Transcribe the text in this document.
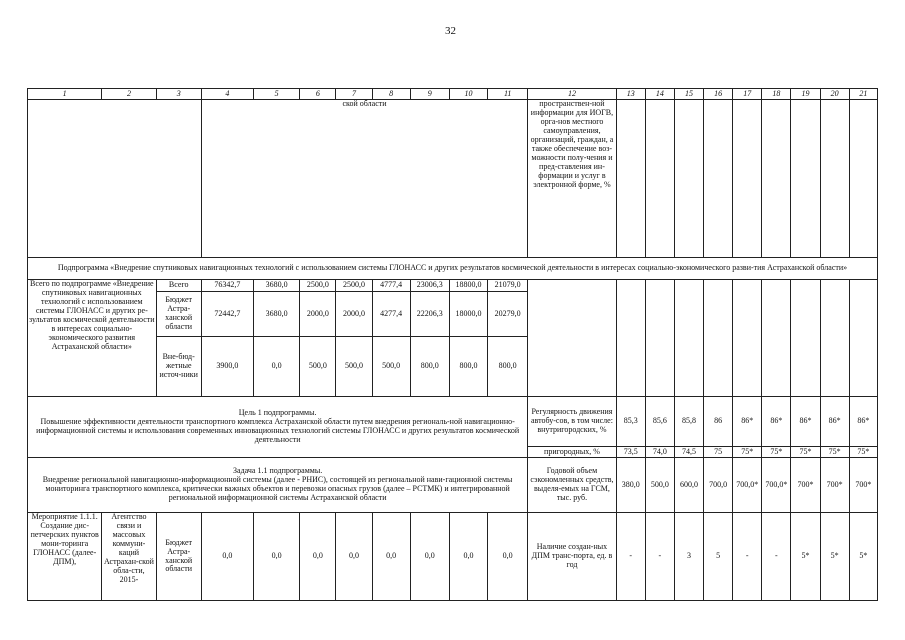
32
1	2	3	4	5	6	7	8	9	10	11	12	13	14	15	16	17	18	19	20	21
			ской области								пространствен-ной информации для ИОГВ, орга-нов местного самоуправления, организаций, граждан, а также обеспечение воз-можности полу-чения и пред-ставления ин-формации и услуг в электронной форме, %									
Подпрограмма «Внедрение спутниковых навигационных технологий с использованием системы ГЛОНАСС и других результатов космической деятельности в интересах социально-экономического разви-тия Астраханской области»																				
Всего по подпрограмме «Внедрение спутниковых навигационных технологий с использованием системы ГЛОНАСС и других ре-зультатов космической деятельности в интересах социально-экономического развития Астраханской области»		Всего	76342,7	3680,0	2500,0	2500,0	4777,4	23006,3	18800,0	21079,0										
		Бюджет Астра-ханской области	72442,7	3680,0	2000,0	2000,0	4277,4	22206,3	18000,0	20279,0										
		Вне-бюд-жетные источ-ники	3900,0	0,0	500,0	500,0	500,0	800,0	800,0	800,0										

Цель 1 подпрограммы.
Повышение эффективности деятельности транспортного комплекса Астраханской области путем внедрения региональ-ной навигационно-информационной системы и использования современных инновационных технологий системы ГЛОНАСС и других результатов космической деятельности											Регулярность движения автобу-сов, в том числе: внутригородских, %	85,3	85,6	85,8	86	86*	86*	86*	86*	86*
											пригородных, %	73,5	74,0	74,5	75	75*	75*	75*	75*	75*

Задача 1.1 подпрограммы.
Внедрение региональной навигационно-информационной системы (далее - РНИС), состоящей из региональной нави-гационной системы мониторинга транспортного комплекса, критически важных объектов и перевозки опасных грузов (далее – РСТМК) и интегрированной региональной информационной системы Астраханской области											Годовой объем сэкономленных средств, выделя-емых на ГСМ, тыс. руб.	380,0	500,0	600,0	700,0	700,0*	700,0*	700*	700*	700*
Мероприятие 1.1.1. Создание дис-петчерских пунктов мони-торинга ГЛОНАСС (далее-ДПМ),	Агентство связи и массовых коммуни-каций Астрахан-ской обла-сти, 2015-	Бюджет Астра-ханской области	0,0	0,0	0,0	0,0	0,0	0,0	0,0	0,0	Наличие создан-ных ДПМ транс-порта, ед. в год	-	-	3	5	-	-	5*	5*	5*
